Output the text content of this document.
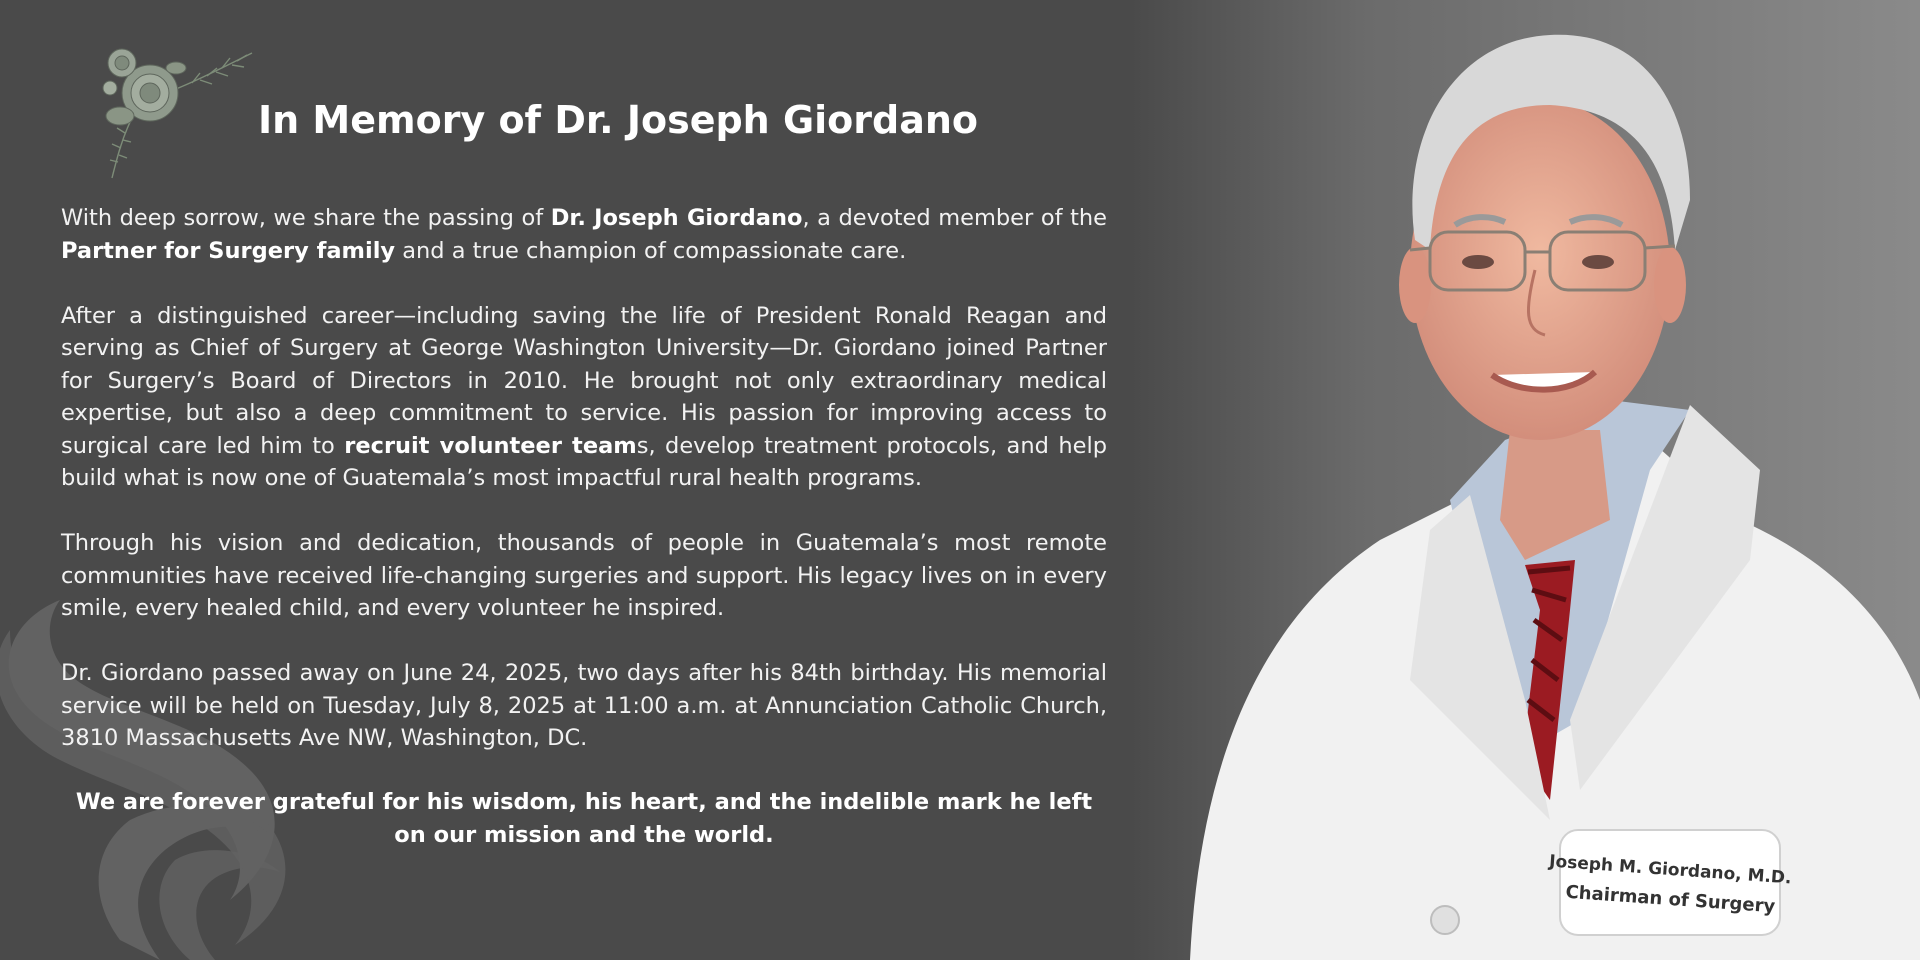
Joseph M. Giordano, M.D.
Chairman of Surgery
In Memory of Dr. Joseph Giordano

With deep sorrow, we share the passing of Dr. Joseph Giordano, a devoted member of the Partner for Surgery family and a true champion of compassionate care.

After a distinguished career—including saving the life of President Ronald Reagan and serving as Chief of Surgery at George Washington University—Dr. Giordano joined Partner for Surgery’s Board of Directors in 2010. He brought not only extraordinary medical expertise, but also a deep commitment to service. His passion for improving access to surgical care led him to recruit volunteer teams, develop treatment protocols, and help build what is now one of Guatemala’s most impactful rural health programs.

Through his vision and dedication, thousands of people in Guatemala’s most remote communities have received life-changing surgeries and support. His legacy lives on in every smile, every healed child, and every volunteer he inspired.

Dr. Giordano passed away on June 24, 2025, two days after his 84th birthday. His memorial service will be held on Tuesday, July 8, 2025 at 11:00 a.m. at Annunciation Catholic Church, 3810 Massachusetts Ave NW, Washington, DC.

We are forever grateful for his wisdom, his heart, and the indelible mark he left on our mission and the world.
